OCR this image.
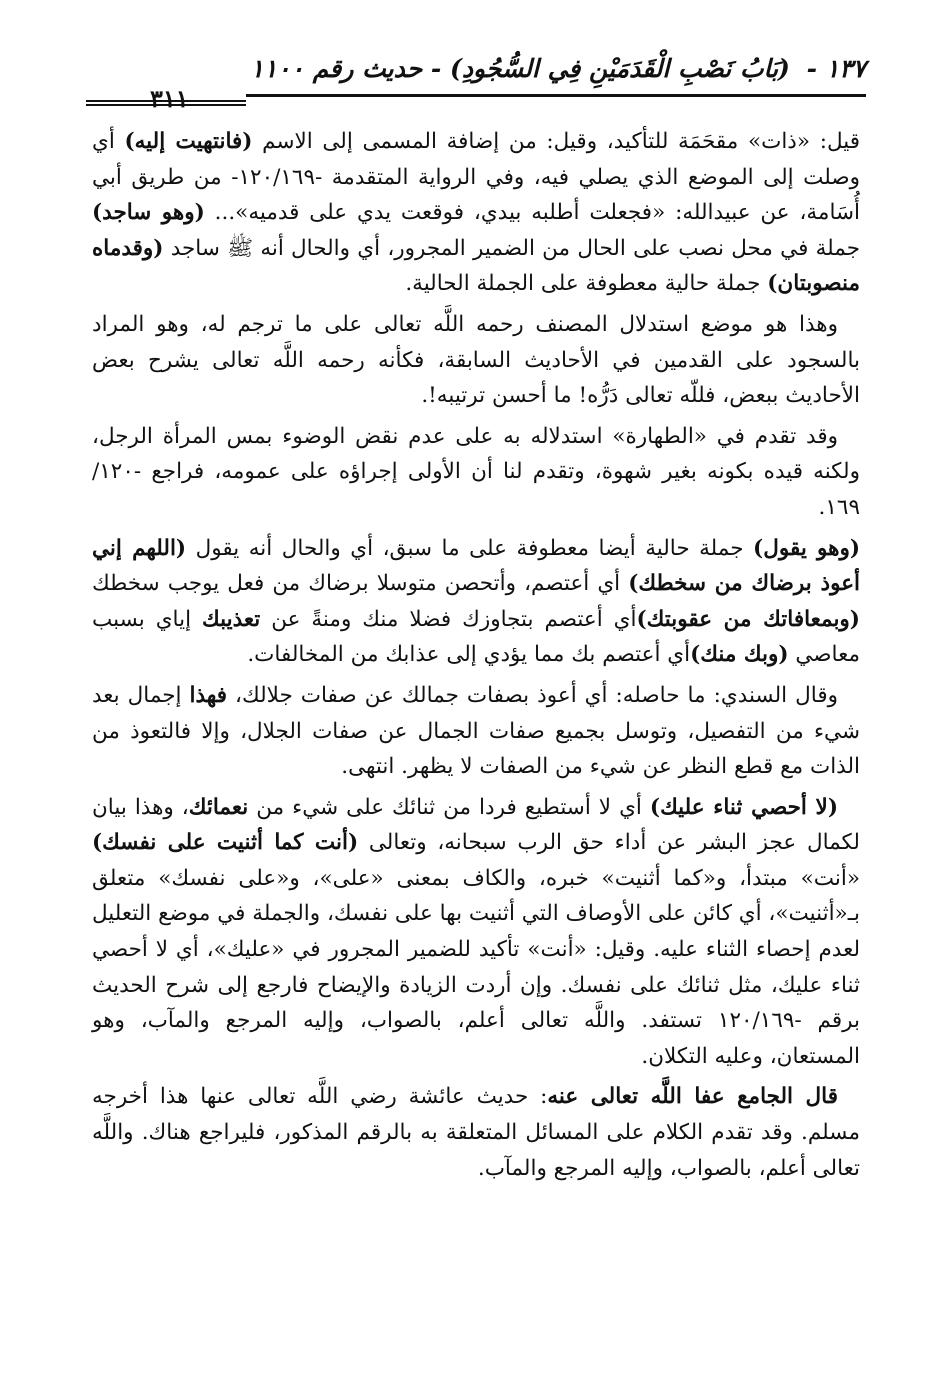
١٣٧ - (بَابُ نَصْبِ الْقَدَمَيْنِ فِي السُّجُودِ) - حديث رقم ١١٠٠
٣١١

قيل: «ذات» مقحَمَة للتأكيد، وقيل: من إضافة المسمى إلى الاسم (فانتهيت إليه) أي وصلت إلى الموضع الذي يصلي فيه، وفي الرواية المتقدمة -١٢٠/١٦٩- من طريق أبي أُسَامة، عن عبيدالله: «فجعلت أطلبه بيدي، فوقعت يدي على قدميه»... (وهو ساجد) جملة في محل نصب على الحال من الضمير المجرور، أي والحال أنه ﷺ ساجد (وقدماه منصوبتان) جملة حالية معطوفة على الجملة الحالية.

وهذا هو موضع استدلال المصنف رحمه اللَّه تعالى على ما ترجم له، وهو المراد بالسجود على القدمين في الأحاديث السابقة، فكأنه رحمه اللَّه تعالى يشرح بعض الأحاديث ببعض، فللّه تعالى دَرُّه! ما أحسن ترتيبه!.

وقد تقدم في «الطهارة» استدلاله به على عدم نقض الوضوء بمس المرأة الرجل، ولكنه قيده بكونه بغير شهوة، وتقدم لنا أن الأولى إجراؤه على عمومه، فراجع -١٢٠/ ١٦٩.

(وهو يقول) جملة حالية أيضا معطوفة على ما سبق، أي والحال أنه يقول (اللهم إني أعوذ برضاك من سخطك) أي أعتصم، وأتحصن متوسلا برضاك من فعل يوجب سخطك (وبمعافاتك من عقوبتك)أي أعتصم بتجاوزك فضلا منك ومنةً عن تعذيبك إياي بسبب معاصي (وبك منك)أي أعتصم بك مما يؤدي إلى عذابك من المخالفات.

وقال السندي: ما حاصله: أي أعوذ بصفات جمالك عن صفات جلالك، فهذا إجمال بعد شيء من التفصيل، وتوسل بجميع صفات الجمال عن صفات الجلال، وإلا فالتعوذ من الذات مع قطع النظر عن شيء من الصفات لا يظهر. انتهى.

(لا أحصي ثناء عليك) أي لا أستطيع فردا من ثنائك على شيء من نعمائك، وهذا بيان لكمال عجز البشر عن أداء حق الرب سبحانه، وتعالى (أنت كما أثنيت على نفسك) «أنت» مبتدأ، و«كما أثنيت» خبره، والكاف بمعنى «على»، و«على نفسك» متعلق بـ«أثنيت»، أي كائن على الأوصاف التي أثنيت بها على نفسك، والجملة في موضع التعليل لعدم إحصاء الثناء عليه. وقيل: «أنت» تأكيد للضمير المجرور في «عليك»، أي لا أحصي ثناء عليك، مثل ثنائك على نفسك. وإن أردت الزيادة والإيضاح فارجع إلى شرح الحديث برقم -١٢٠/١٦٩ تستفد. واللَّه تعالى أعلم، بالصواب، وإليه المرجع والمآب، وهو المستعان، وعليه التكلان.

قال الجامع عفا اللَّه تعالى عنه: حديث عائشة رضي اللَّه تعالى عنها هذا أخرجه مسلم. وقد تقدم الكلام على المسائل المتعلقة به بالرقم المذكور، فليراجع هناك. واللَّه تعالى أعلم، بالصواب، وإليه المرجع والمآب.
